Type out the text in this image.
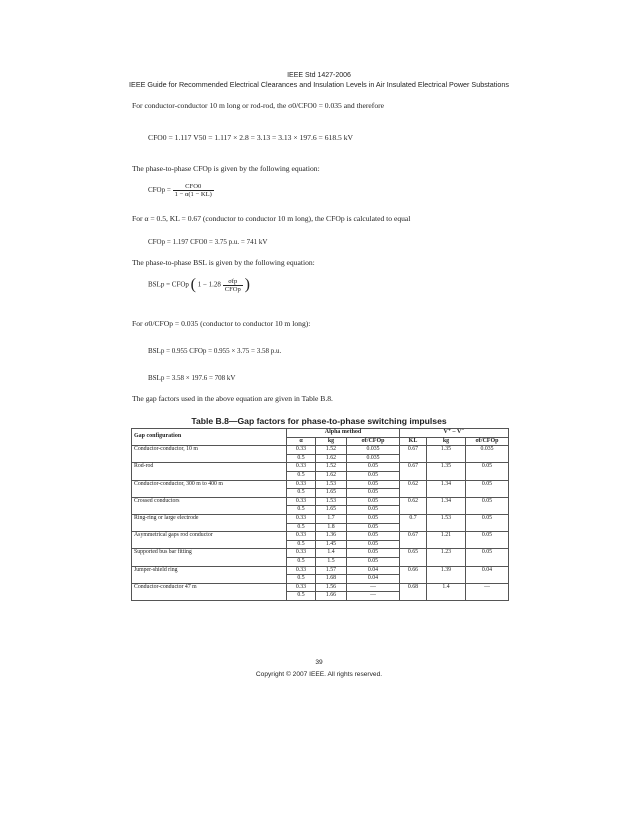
IEEE Std 1427-2006
IEEE Guide for Recommended Electrical Clearances and Insulation Levels in Air Insulated Electrical Power Substations
For conductor-conductor 10 m long or rod-rod, the σ0/CFO0 = 0.035 and therefore
CFO0 = 1.117 V50 = 1.117 × 2.8 = 3.13 = 3.13 × 197.6 = 618.5 kV
The phase-to-phase CFOp is given by the following equation:
CFOp = $\frac{\text{CFO0}}{1 - \alpha(1 - KL)}$
For α = 0.5, KL = 0.67 (conductor to conductor 10 m long), the CFOp is calculated to equal
CFOp = 1.197 CFO0 = 3.75 p.u. = 741 kV
The phase-to-phase BSL is given by the following equation:
BSLp = CFOp ( $1 - 1.28 \frac{\text{σfp}}{\text{CFOp}}$ )
For σ0/CFOp = 0.035 (conductor to conductor 10 m long):
BSLp = 0.955 CFOp = 0.955 × 3.75 = 3.58 p.u.
BSLp = 3.58 × 197.6 = 708 kV
The gap factors used in the above equation are given in Table B.8.
Table B.8—Gap factors for phase-to-phase switching impulses
Gap configuration	Alpha method			V⁺ – V⁻		
	α	kg	σf/CFOp	KL	kg	σf/CFOp
Conductor-conductor, 10 m	0.33	1.52	0.035	0.67	1.35	0.035
	0.5	1.62	0.035			
Rod-rod	0.33	1.52	0.05	0.67	1.35	0.05
	0.5	1.62	0.05			
Conductor-conductor, 300 m to 400 m	0.33	1.53	0.05	0.62	1.34	0.05
	0.5	1.65	0.05			
Crossed conductors	0.33	1.53	0.05	0.62	1.34	0.05
	0.5	1.65	0.05			
Ring-ring or large electrode	0.33	1.7	0.05	0.7	1.53	0.05
	0.5	1.8	0.05			
Asymmetrical gaps rod conductor	0.33	1.36	0.05	0.67	1.21	0.05
	0.5	1.45	0.05			
Supported bus bar fitting	0.33	1.4	0.05	0.65	1.23	0.05
	0.5	1.5	0.05			
Jumper-shield ring	0.33	1.57	0.04	0.66	1.39	0.04
	0.5	1.68	0.04			
Conductor-conductor 47 m	0.33	1.56	—	0.68	1.4	—
	0.5	1.66	—			
39
Copyright © 2007 IEEE. All rights reserved.
